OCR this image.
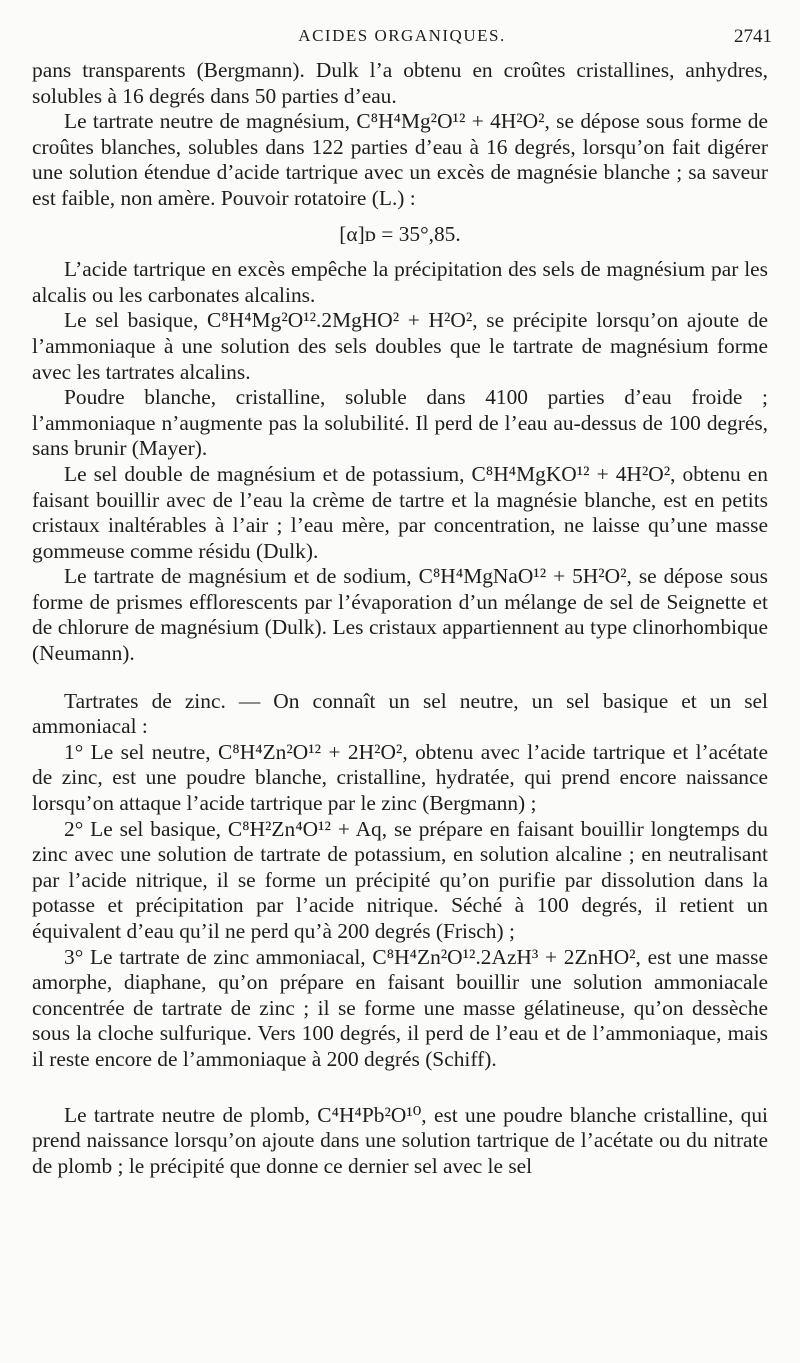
ACIDES ORGANIQUES.	2741

pans transparents (Bergmann). Dulk l’a obtenu en croûtes cristallines, anhydres, solubles à 16 degrés dans 50 parties d’eau.

Le tartrate neutre de magnésium, C⁸H⁴Mg²O¹² + 4H²O², se dépose sous forme de croûtes blanches, solubles dans 122 parties d’eau à 16 degrés, lorsqu’on fait digérer une solution étendue d’acide tartrique avec un excès de magnésie blanche ; sa saveur est faible, non amère. Pouvoir rotatoire (L.) :

[α]ᴅ = 35°,85.

L’acide tartrique en excès empêche la précipitation des sels de magnésium par les alcalis ou les carbonates alcalins.

Le sel basique, C⁸H⁴Mg²O¹².2MgHO² + H²O², se précipite lorsqu’on ajoute de l’ammoniaque à une solution des sels doubles que le tartrate de magnésium forme avec les tartrates alcalins.

Poudre blanche, cristalline, soluble dans 4100 parties d’eau froide ; l’ammoniaque n’augmente pas la solubilité. Il perd de l’eau au-dessus de 100 degrés, sans brunir (Mayer).

Le sel double de magnésium et de potassium, C⁸H⁴MgKO¹² + 4H²O², obtenu en faisant bouillir avec de l’eau la crème de tartre et la magnésie blanche, est en petits cristaux inaltérables à l’air ; l’eau mère, par concentration, ne laisse qu’une masse gommeuse comme résidu (Dulk).

Le tartrate de magnésium et de sodium, C⁸H⁴MgNaO¹² + 5H²O², se dépose sous forme de prismes efflorescents par l’évaporation d’un mélange de sel de Seignette et de chlorure de magnésium (Dulk). Les cristaux appartiennent au type clinorhombique (Neumann).

Tartrates de zinc. — On connaît un sel neutre, un sel basique et un sel ammoniacal :

1° Le sel neutre, C⁸H⁴Zn²O¹² + 2H²O², obtenu avec l’acide tartrique et l’acétate de zinc, est une poudre blanche, cristalline, hydratée, qui prend encore naissance lorsqu’on attaque l’acide tartrique par le zinc (Bergmann) ;

2° Le sel basique, C⁸H²Zn⁴O¹² + Aq, se prépare en faisant bouillir longtemps du zinc avec une solution de tartrate de potassium, en solution alcaline ; en neutralisant par l’acide nitrique, il se forme un précipité qu’on purifie par dissolution dans la potasse et précipitation par l’acide nitrique. Séché à 100 degrés, il retient un équivalent d’eau qu’il ne perd qu’à 200 degrés (Frisch) ;

3° Le tartrate de zinc ammoniacal, C⁸H⁴Zn²O¹².2AzH³ + 2ZnHO², est une masse amorphe, diaphane, qu’on prépare en faisant bouillir une solution ammoniacale concentrée de tartrate de zinc ; il se forme une masse gélatineuse, qu’on dessèche sous la cloche sulfurique. Vers 100 degrés, il perd de l’eau et de l’ammoniaque, mais il reste encore de l’ammoniaque à 200 degrés (Schiff).

Le tartrate neutre de plomb, C⁴H⁴Pb²O¹⁰, est une poudre blanche cristalline, qui prend naissance lorsqu’on ajoute dans une solution tartrique de l’acétate ou du nitrate de plomb ; le précipité que donne ce dernier sel avec le sel
